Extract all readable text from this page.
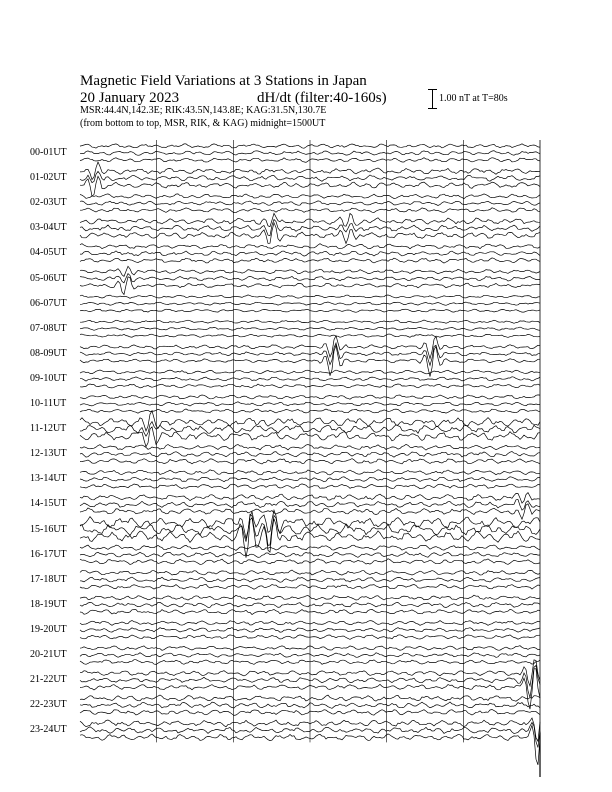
Magnetic Field Variations at 3 Stations in Japan
20 January 2023	dH/dt (filter:40-160s)
MSR:44.4N,142.3E; RIK:43.5N,143.8E; KAG:31.5N,130.7E
(from bottom to top, MSR, RIK, & KAG) midnight=1500UT
1.00 nT at T=80s
00-01UT
01-02UT
02-03UT
03-04UT
04-05UT
05-06UT
06-07UT
07-08UT
08-09UT
09-10UT
10-11UT
11-12UT
12-13UT
13-14UT
14-15UT
15-16UT
16-17UT
17-18UT
18-19UT
19-20UT
20-21UT
21-22UT
22-23UT
23-24UT
